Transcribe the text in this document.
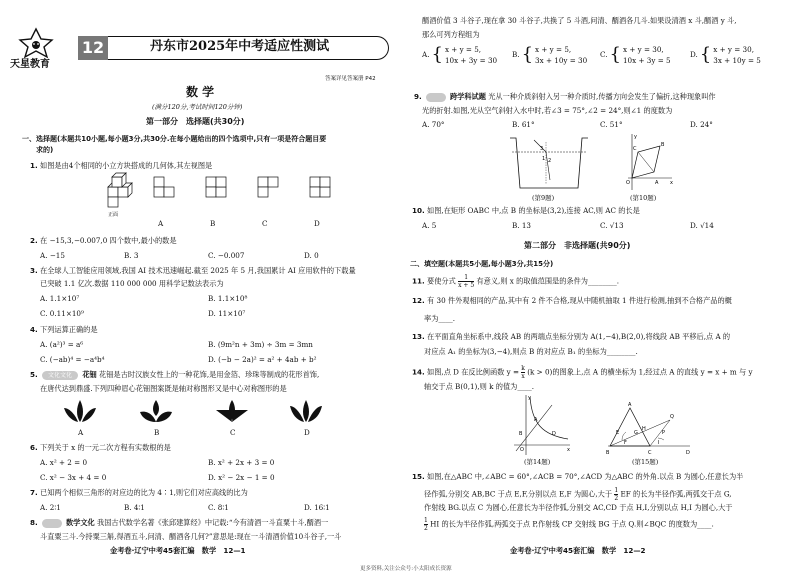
天星教育
12	丹东市2025年中考适应性测试
答案详见答案册 P42
数 学
(满分120分,考试时间120分钟)
第一部分　选择题(共30分)
一、选择题(本题共10小题,每小题3分,共30分.在每小题给出的四个选项中,只有一项是符合题目要
求的)
1. 如图是由4个相同的小立方块搭成的几何体,其左视图是
正面
A	B	C	D
2. 在 −15,3,−0.007,0 四个数中,最小的数是
A. −15	B. 3	C. −0.007	D. 0
3. 在全球人工智能应用领域,我国 AI 技术迅速崛起.截至 2025 年 5 月,我国累计 AI 应用软件的下载量
已突破 1.1 亿次.数据 110 000 000 用科学记数法表示为
A. 1.1×10⁷	B. 1.1×10⁸
C. 0.11×10⁹	D. 11×10⁷
4. 下列运算正确的是
A. (a²)³ = a⁶	B. (9m²n + 3m) ÷ 3m = 3mn
C. (−ab)⁴ = −a⁴b⁴	D. (−b − 2a)² = a² + 4ab + b²
5. 文化文化 花钿 花钿是古时汉族女性上的一种花饰,是用金箔、珍珠等制成的花形首饰,
在唐代达到鼎盛.下列四种眉心花钿图案既是轴对称图形又是中心对称图形的是
A	B	C	D
6. 下列关于 x 的一元二次方程有实数根的是
A. x² + 2 = 0	B. x² + 2x + 3 = 0
C. x² − 3x + 4 = 0	D. x² − 2x − 1 = 0
7. 已知两个相似三角形的对应边的比为 4∶1,则它们对应高线的比为
A. 2∶1	B. 4∶1	C. 8∶1	D. 16∶1
8.	数学文化 我国古代数学名著《张邱建算经》中记载:“今有清酒一斗直粟十斗,醑酒一
斗直粟三斗.今持粟三斛,得酒五斗,问清、醑酒各几何?”意思是:现在一斗清酒价值10斗谷子,一斗
金考卷·辽宁中考45套汇编　数学　12—1
醑酒价值 3 斗谷子,现在拿 30 斗谷子,共换了 5 斗酒,问清、醑酒各几斗.如果设清酒 x 斗,醑酒 y 斗,
那么可列方程组为
A. { x + y = 5,
10x + 3y = 30
B. { x + y = 5,
3x + 10y = 30
C. { x + y = 30,
10x + 3y = 5
D. { x + y = 30,
3x + 10y = 5
9.	跨学科试题 光从一种介质斜射入另一种介质时,传播方向会发生了偏折,这种现象叫作
光的折射.如图,光从空气斜射入水中时,若∠3 = 75°,∠2 = 24°,则∠1 的度数为
A. 70°	B. 61°	C. 51°	D. 24°
1 2
3
(第9题)
O	A
B
C
x
y
(第10题)
10. 如图,在矩形 OABC 中,点 B 的坐标是(3,2),连接 AC,则 AC 的长是
A. 5	B. 13	C. √13	D. √14
第二部分　非选择题(共90分)
二、填空题(本题共5小题,每小题3分,共15分)
11. 要使分式 $\frac{1}{x + 5}$ 有意义,则 x 的取值范围是的条件为________.
12. 有 30 件外观相同的产品,其中有 2 件不合格,现从中随机抽取 1 件进行检测,抽到不合格产品的概
率为____.
13. 在平面直角坐标系中,线段 AB 的两端点坐标分别为 A(1,−4),B(2,0),将线段 AB 平移后,点 A 的
对应点 A₁ 的坐标为(3,−4),则点 B 的对应点 B₁ 的坐标为________.
14. 如图,点 D 在反比例函数 $y = \frac{k}{x} (k > 0)$的图象上,点 A 的横坐标为 1,经过点 A 的直线 y = x + m 与 y
轴交于点 B(0,1),则 k 的值为____.
O
B
A
D
x
y
(第14题)
A
B	C	D
Q
G	P
E
F
H
I
(第15题)
15. 如图,在△ABC 中,∠ABC = 60°,∠ACB = 70°,∠ACD 为△ABC 的外角.以点 B 为圆心,任意长为半
径作弧,分别交 AB,BC 于点 E,F,分别以点 E,F 为圆心,大于 $\frac{1}{2}$ EF 的长为半径作弧,两弧交于点 G,
作射线 BG.以点 C 为圆心,任意长为半径作弧,分别交 AC,CD 于点 H,I,分别以点 H,I 为圆心,大于
$\frac{1}{2}$ HI 的长为半径作弧,两弧交于点 P,作射线 CP 交射线 BG 于点 Q.则∠BQC 的度数为____.
金考卷·辽宁中考45套汇编　数学　12—2
更多资料,关注公众号:小太阳成长资源
